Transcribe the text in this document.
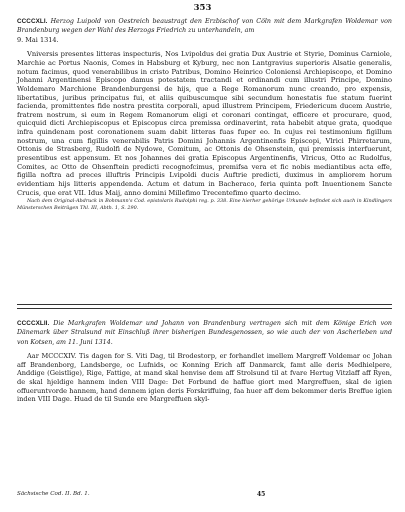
353

CCCCXLI. Herzog Luipold von Oestreich beaustragt den Erzbischof von Cöln mit dem Markgrafen Woldemar von Brandenburg wegen der Wahl des Herzogs Friedrich zu unterhandeln, am
9. Mai 1314.

Vniversis presentes litteras inspecturis, Nos Lvipoldus dei gratia Dux Austrie et Styrie, Dominus Carniole, Marchie ac Portus Naonis, Comes in Habsburg et Kyburg, nec non Lantgravius superioris Alsatie generalis, notum facimus, quod venerabilibus in cristo Patribus, Domino Heinrico Coloniensi Archiepiscopo, et Domino Johanni Argentinensi Episcopo damus potestatem tractandi et ordinandi cum illustri Principe, Domino Woldemaro Marchione Brandenburgensi de hijs, que a Rege Romanorum nunc creando, pro expensis, libertatibus, juribus principatus fui, et aliis quibuscumque sibi secundum honestatis fue statum fuerint facienda, promittentes fide nostra prestita corporali, apud illustrem Principem, Friedericum ducem Austrie, fratrem nostrum, si eum in Regem Romanorum eligi et coronari contingat, efficere et procurare, quod, quicquid dicti Archiepiscopus et Episcopus circa premissa ordinaverint, rata habebit atque grata, quodque infra quindenam post coronationem suam dabit litteras fuas fuper eo. In cujus rei testimonium figillum nostrum, una cum figillis venerabilis Patris Domini Johannis Argentinenfis Episcopi, Vlrici Phirretarum, Ottonis de Strasberg, Rudolfi de Nydowe, Comitum, ac Ottonis de Ohsenstein, qui premissis interfuerunt, presentibus est appensum. Et nos Johannes dei gratia Episcopus Argentinenfis, Vlricus, Otto ac Rudolfus, Comites, ac Otto de Ohsenftein predicti recognofcimus, premifsa vera et fic nobis mediantibus acta effe, figilla noftra ad preces illuftris Principis Lvipoldi ducis Auftrie predicti, duximus in ampliorem horum evidentiam hijs litteris appendenda. Actum et datum in Bacheraco, feria quinta poft Inuentionem Sancte Crucis, que erat VII. Idus Maij, anno domini Millefimo Trecentefimo quarto decimo.

Nach dem Original-Abdruck in Bohmann's Cod. epistolaris Rudolphi reg. p. 338. Eine hierher gehörige Urkunde befindet sich auch in Kindlingers Münsterschen Beiträgen Thl. III, Abth. 1, S. 290.

CCCCXLII. Die Markgrafen Woldemar und Johann von Brandenburg vertragen sich mit dem Könige Erich von Dänemark über Stralsund mit Einschluß ihrer bisherigen Bundesgenossen, so wie auch der von Ascherleben und von Kotsen, am 11. Juni 1314.

Aar MCCCXIV. Tis dagen for S. Viti Dag, til Brodestorp, er forhandlet imellem Margreff Voldemar oc Johan aff Brandenborg, Landsberge, oc Lufnids, oc Konning Erich aff Danmarck, famt alle deris Medhielpere, Anddige (Geistlige), Rige, Fattige, at mand skal henvise dem aff Strolsund til at fvare Hertug Vitzlaff aff Ryen, de skal hjeldige hannem inden VIII Dage: Det Forbund de haffue giort med Margreffuen, skal de igien offueruntvorde hannem, hand dennem igien deris Forskriffuing, faa huer aff dem bekommer deris Breffue igien inden VIII Dage. Huad de til Sunde ere Margreffuen skyl-

Sächsische Cod. II. Bd. 1.	45
